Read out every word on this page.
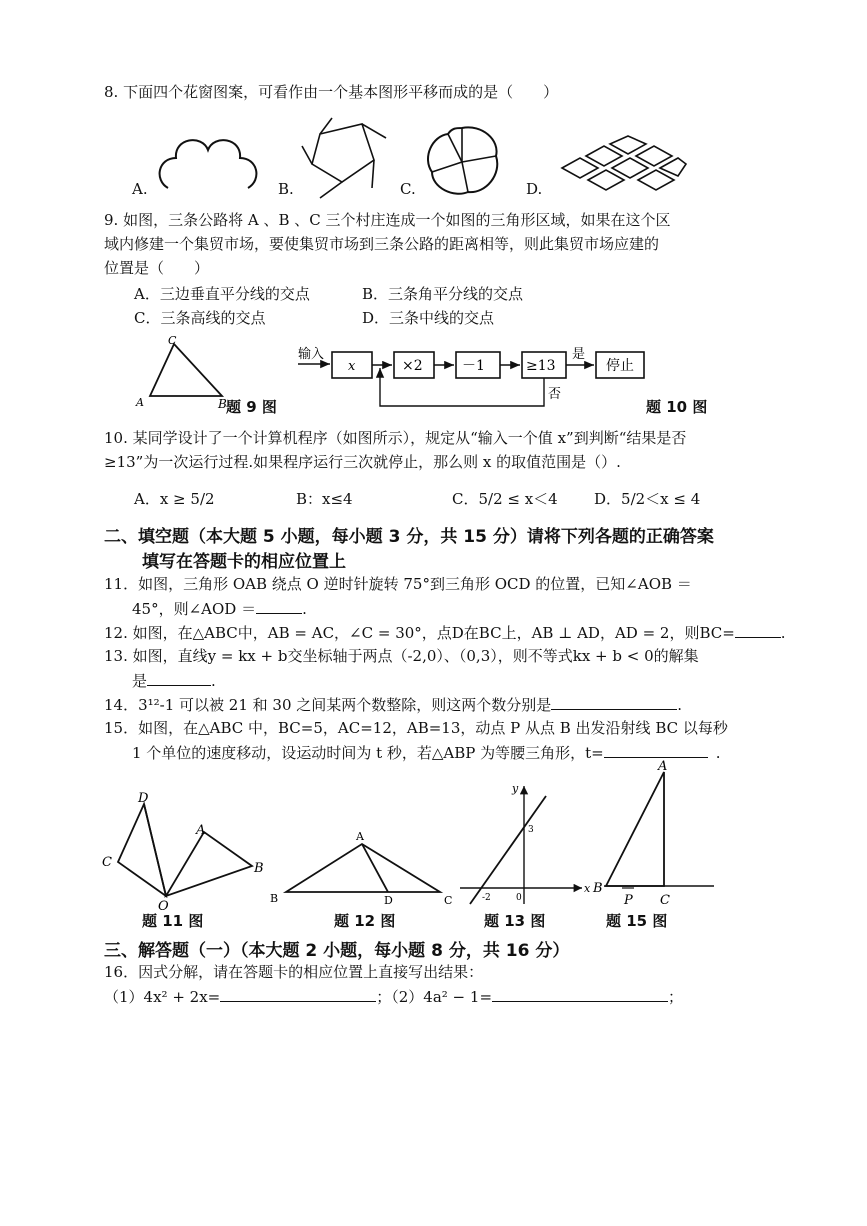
8. 下面四个花窗图案，可看作由一个基本图形平移而成的是（　　）
A.	B.	C.	D.
9. 如图，三条公路将 A 、B 、C 三个村庄连成一个如图的三角形区域，如果在这个区
域内修建一个集贸市场，要使集贸市场到三条公路的距离相等，则此集贸市场应建的
位置是（　　）
A．三边垂直平分线的交点	B．三条角平分线的交点
C．三条高线的交点	D．三条中线的交点
C
A	B 题 9 图
输入
x	×2	－1	≥13
是
停止
否
题 10 图
10. 某同学设计了一个计算机程序（如图所示），规定从“输入一个值 x”到判断“结果是否
≥13”为一次运行过程.如果程序运行三次就停止，那么则 x 的取值范围是（）.
A．x ≥ 5/2	B：x≤4	C．5/2 ≤ x＜4 D．5/2＜x ≤ 4
二、填空题（本大题 5 小题，每小题 3 分，共 15 分）请将下列各题的正确答案
填写在答题卡的相应位置上
11．如图，三角形 OAB 绕点 O 逆时针旋转 75°到三角形 OCD 的位置，已知∠AOB ＝
45°，则∠AOD ＝	.
12. 如图，在△ABC中，AB = AC，∠C = 30°，点D在BC上，AB ⊥ AD，AD = 2，则BC=	.
13. 如图，直线y = kx + b交坐标轴于两点（-2,0）、（0,3），则不等式kx + b < 0的解集
是	.
14．3¹²-1 可以被 21 和 30 之间某两个数整除，则这两个数分别是	.
15．如图，在△ABC 中，BC=5，AC=12，AB=13，动点 P 从点 B 出发沿射线 BC 以每秒
1 个单位的速度移动，设运动时间为 t 秒，若△ABP 为等腰三角形，t=	.
D
A
C	B
O
题 11 图
A
B	D	C
题 12 图
y
3
-2	0
题 13 图
A
x B
P C
题 15 图
三、解答题（一）（本大题 2 小题，每小题 8 分，共 16 分）
16．因式分解，请在答题卡的相应位置上直接写出结果：
（1）4x² + 2x=	；（2）4a² − 1=	；
